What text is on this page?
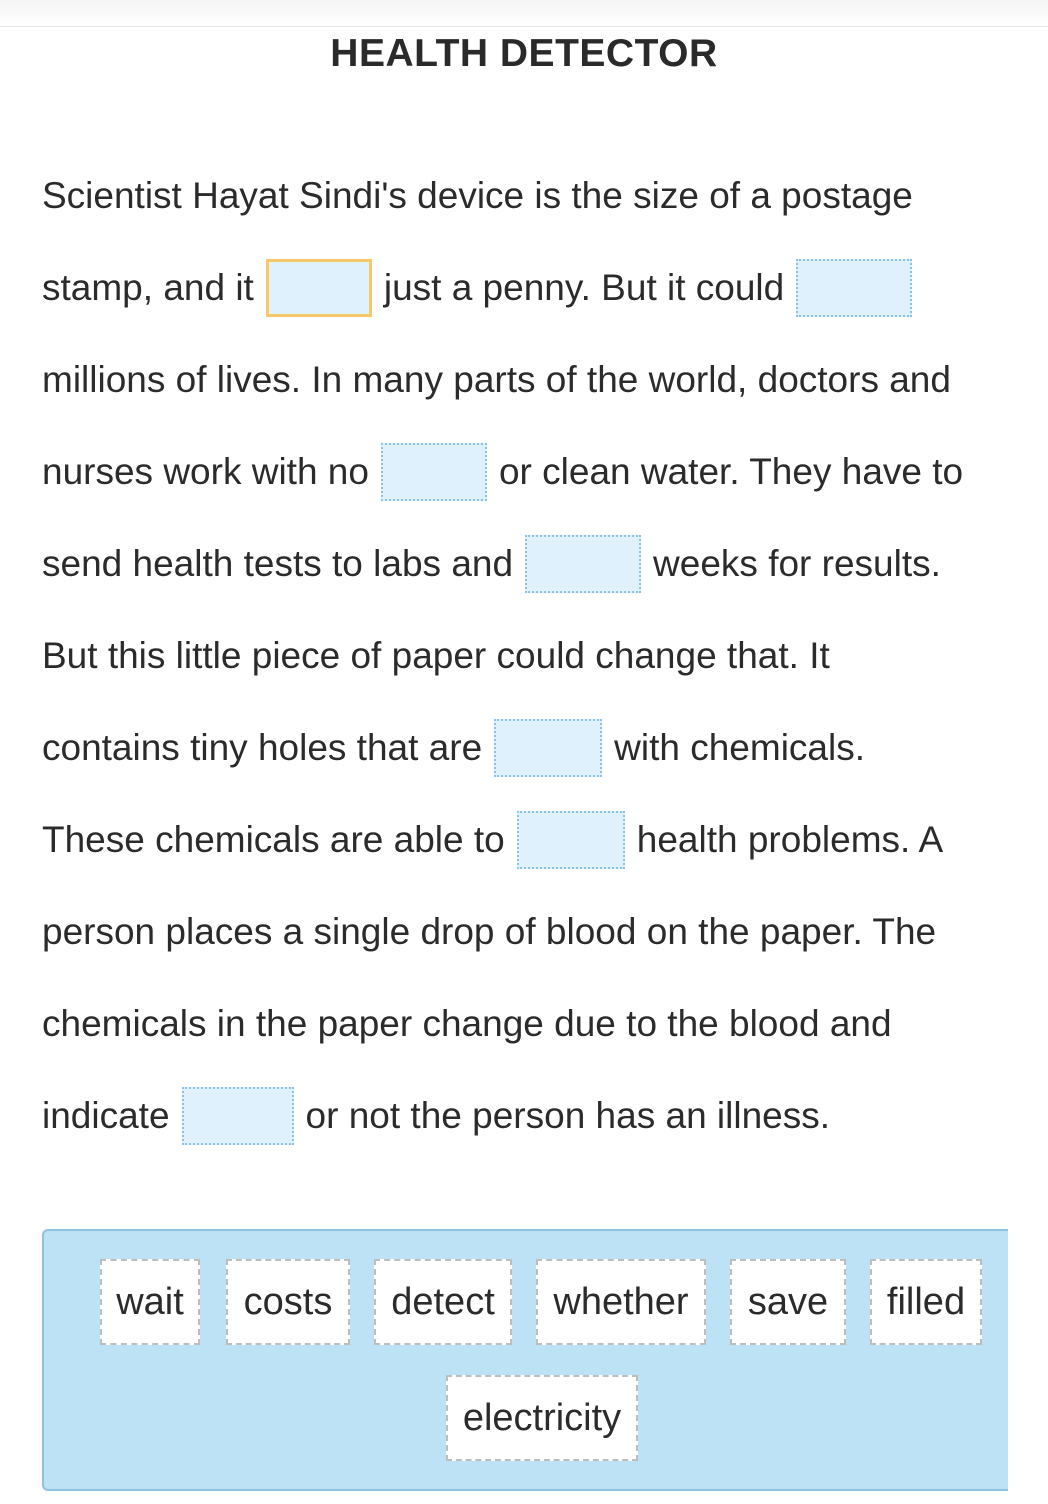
HEALTH DETECTOR
Scientist Hayat Sindi's device is the size of a postage
stamp, and it	just a penny. But it could
millions of lives. In many parts of the world, doctors and
nurses work with no	or clean water. They have to
send health tests to labs and	weeks for results.
But this little piece of paper could change that. It
contains tiny holes that are	with chemicals.
These chemicals are able to	health problems. A
person places a single drop of blood on the paper. The
chemicals in the paper change due to the blood and
indicate	or not the person has an illness.
wait	costs	detect	whether	save	filled
electricity
